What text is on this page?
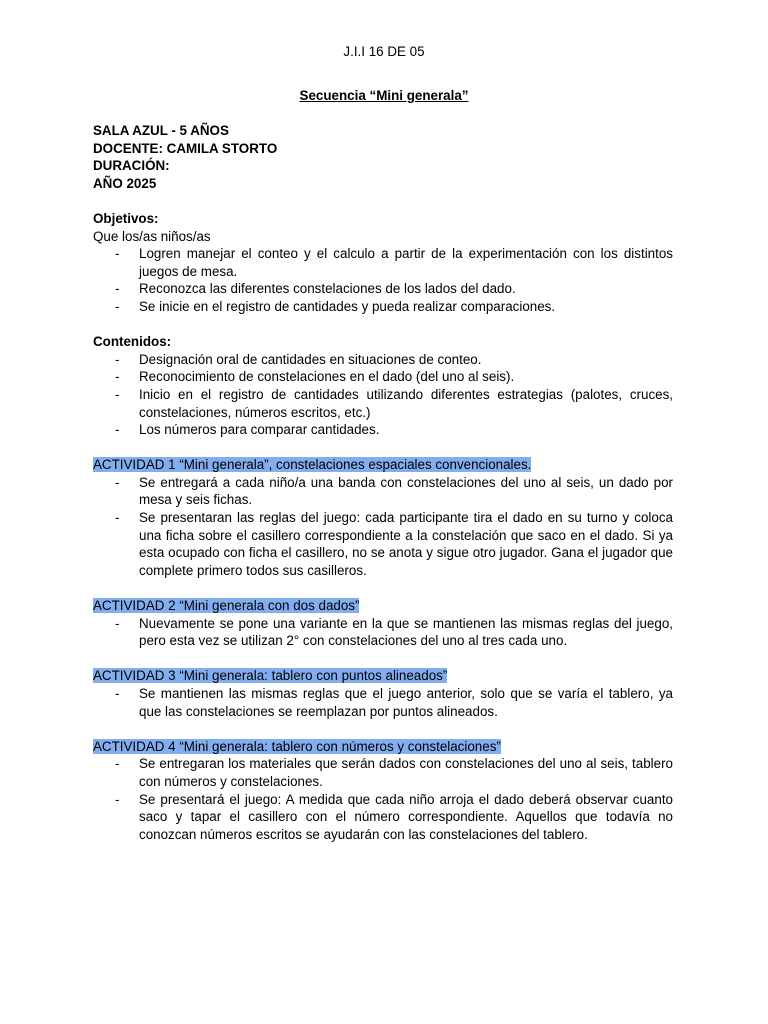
J.I.I 16 DE 05
Secuencia “Mini generala”
SALA AZUL - 5 AÑOS
DOCENTE: CAMILA STORTO
DURACIÓN:
AÑO 2025
Objetivos:
Que los/as niños/as
- Logren manejar el conteo y el calculo a partir de la experimentación con los distintos juegos de mesa.
- Reconozca las diferentes constelaciones de los lados del dado.
- Se inicie en el registro de cantidades y pueda realizar comparaciones.
Contenidos:
- Designación oral de cantidades en situaciones de conteo.
- Reconocimiento de constelaciones en el dado (del uno al seis).
- Inicio en el registro de cantidades utilizando diferentes estrategias (palotes, cruces, constelaciones, números escritos, etc.)
- Los números para comparar cantidades.
ACTIVIDAD 1 “Mini generala”, constelaciones espaciales convencionales.
- Se entregará a cada niño/a una banda con constelaciones del uno al seis, un dado por mesa y seis fichas.
- Se presentaran las reglas del juego: cada participante tira el dado en su turno y coloca una ficha sobre el casillero correspondiente a la constelación que saco en el dado. Si ya esta ocupado con ficha el casillero, no se anota y sigue otro jugador. Gana el jugador que complete primero todos sus casilleros.
ACTIVIDAD 2 “Mini generala con dos dados”
- Nuevamente se pone una variante en la que se mantienen las mismas reglas del juego, pero esta vez se utilizan 2° con constelaciones del uno al tres cada uno.
ACTIVIDAD 3 “Mini generala: tablero con puntos alineados”
- Se mantienen las mismas reglas que el juego anterior, solo que se varía el tablero, ya que las constelaciones se reemplazan por puntos alineados.
ACTIVIDAD 4 “Mini generala: tablero con números y constelaciones”
- Se entregaran los materiales que serán dados con constelaciones del uno al seis, tablero con números y constelaciones.
- Se presentará el juego: A medida que cada niño arroja el dado deberá observar cuanto saco y tapar el casillero con el número correspondiente. Aquellos que todavía no conozcan números escritos se ayudarán con las constelaciones del tablero.
